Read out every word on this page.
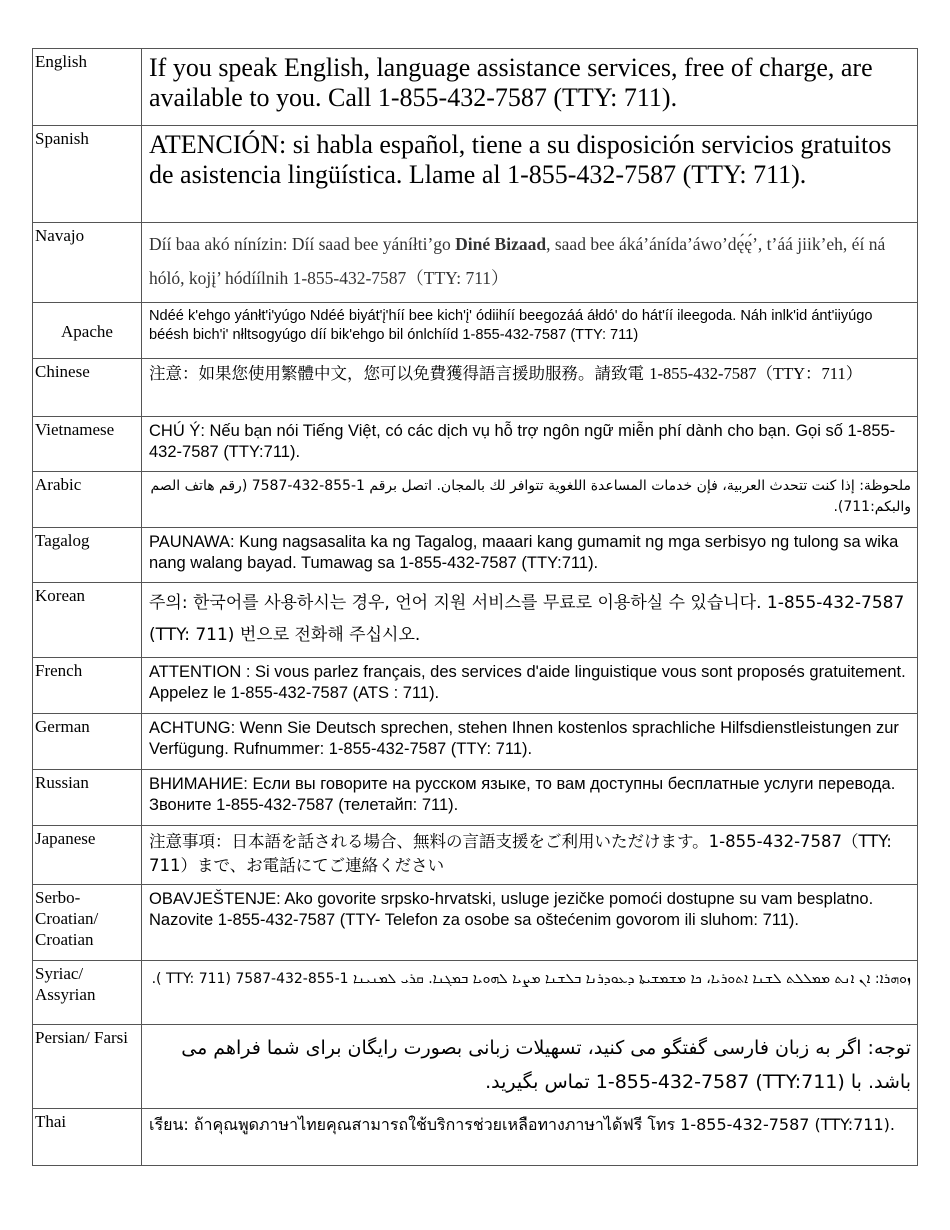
English	If you speak English, language assistance services, free of charge, are available to you. Call 1-855-432-7587 (TTY: 711).
Spanish	ATENCIÓN: si habla español, tiene a su disposición servicios gratuitos de asistencia lingüística. Llame al 1-855-432-7587 (TTY: 711).
Navajo	Díí baa akó nínízin: Díí saad bee yáníłti’go Diné Bizaad, saad bee áká’ánída’áwo’dę́ę́’, t’áá jiik’eh, éí ná hóló, kojį’ hódíílnih 1-855-432-7587（TTY: 711）
Apache	Ndéé k'ehgo yánłt'i'yúgo Ndéé biyát'į'híí bee kich'į' ódiihíí beegozáá áłdó' do hát'íí ileegoda. Náh inlk'id ánt'iiyúgo béésh bich'i' nłltsogyúgo díí bik'ehgo bil ónlchííd 1-855-432-7587 (TTY: 711)
Chinese	注意：如果您使用繁體中文，您可以免費獲得語言援助服務。請致電 1-855-432-7587（TTY：711）
Vietnamese	CHÚ Ý: Nếu bạn nói Tiếng Việt, có các dịch vụ hỗ trợ ngôn ngữ miễn phí dành cho bạn. Gọi số 1-855-432-7587 (TTY:711).
Arabic	ملحوظة: إذا كنت تتحدث العربية، فإن خدمات المساعدة اللغوية تتوافر لك بالمجان. اتصل برقم 1-855-432-7587 (رقم هاتف الصم والبكم:711).
Tagalog	PAUNAWA: Kung nagsasalita ka ng Tagalog, maaari kang gumamit ng mga serbisyo ng tulong sa wika nang walang bayad. Tumawag sa 1-855-432-7587 (TTY:711).
Korean	주의: 한국어를 사용하시는 경우, 언어 지원 서비스를 무료로 이용하실 수 있습니다. 1-855-432-7587 (TTY: 711) 번으로 전화해 주십시오.
French	ATTENTION : Si vous parlez français, des services d'aide linguistique vous sont proposés gratuitement. Appelez le 1-855-432-7587 (ATS : 711).
German	ACHTUNG: Wenn Sie Deutsch sprechen, stehen Ihnen kostenlos sprachliche Hilfsdienstleistungen zur Verfügung. Rufnummer: 1-855-432-7587 (TTY: 711).
Russian	ВНИМАНИЕ: Если вы говорите на русском языке, то вам доступны бесплатные услуги перевода. Звоните 1-855-432-7587 (телетайп: 711).
Japanese	注意事項：日本語を話される場合、無料の言語支援をご利用いただけます。1-855-432-7587（TTY: 711）まで、お電話にてご連絡ください
Serbo-Croatian/ Croatian	OBAVJEŠTENJE: Ako govorite srpsko-hrvatski, usluge jezičke pomoći dostupne su vam besplatno. Nazovite 1-855-432-7587 (TTY- Telefon za osobe sa oštećenim govorom ili sluhom: 711).
Syriac/ Assyrian	ܙܘܗܪܐ: ܐܢ ܐܢܬ ܡܡܠܠܬ ܠܫܢܐ ܐܬܘܪܝܐ، ܟܐ ܡܫܡܫܝܬܐ ܕܥܘܕܪܢܐ ܒܠܫܢܐ ܡܨܝܐ ܠܗܘܝܐ ܒܡܓܢܐ. ܩܪܝ ܠܡܢܝܢܐ 1-855-432-7587 (TTY: 711 ).
Persian/ Farsi	توجه: اگر به زبان فارسی گفتگو می کنید، تسهیلات زبانی بصورت رایگان برای شما فراهم می باشد. با (TTY:711) 1-855-432-7587 تماس بگیرید.
Thai	เรียน: ถ้าคุณพูดภาษาไทยคุณสามารถใช้บริการช่วยเหลือทางภาษาได้ฟรี โทร 1-855-432-7587 (TTY:711).
